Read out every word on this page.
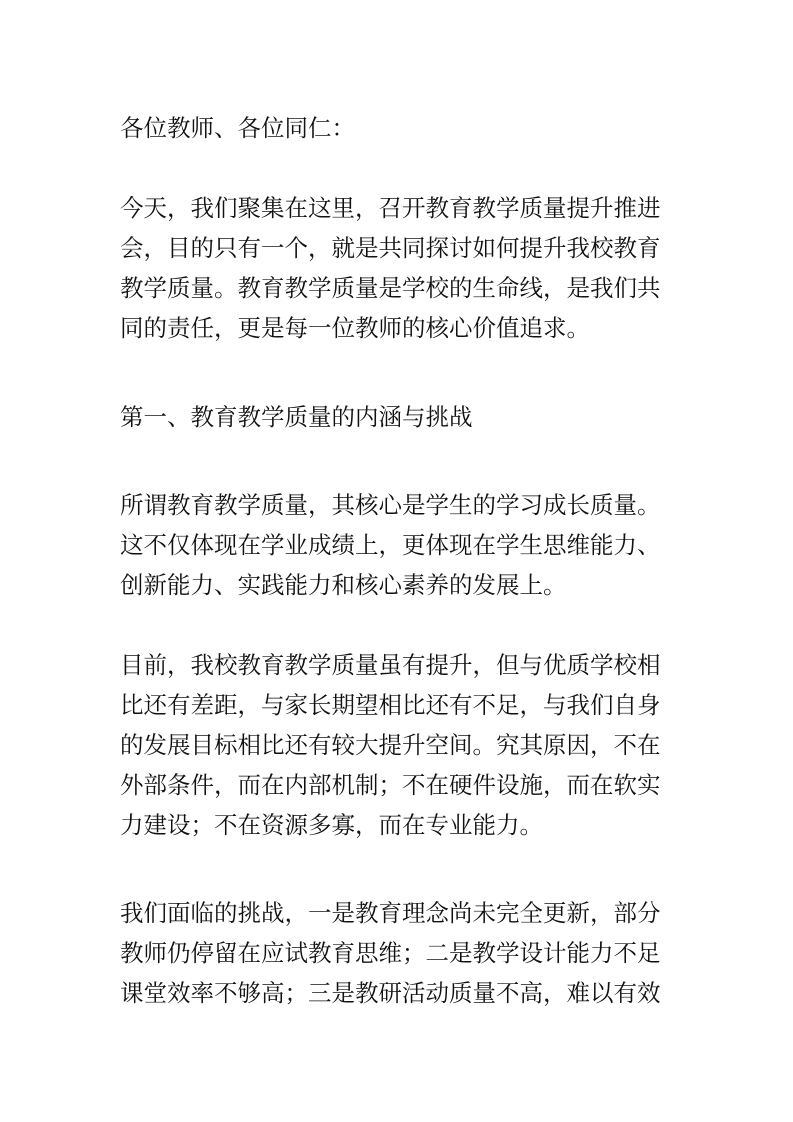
各位教师、各位同仁：
今天，我们聚集在这里，召开教育教学质量提升推进
会，目的只有一个，就是共同探讨如何提升我校教育
教学质量。教育教学质量是学校的生命线，是我们共
同的责任，更是每一位教师的核心价值追求。
第一、教育教学质量的内涵与挑战
所谓教育教学质量，其核心是学生的学习成长质量。
这不仅体现在学业成绩上，更体现在学生思维能力、
创新能力、实践能力和核心素养的发展上。
目前，我校教育教学质量虽有提升，但与优质学校相
比还有差距，与家长期望相比还有不足，与我们自身
的发展目标相比还有较大提升空间。究其原因，不在
外部条件，而在内部机制；不在硬件设施，而在软实
力建设；不在资源多寡，而在专业能力。
我们面临的挑战，一是教育理念尚未完全更新，部分
教师仍停留在应试教育思维；二是教学设计能力不足
课堂效率不够高；三是教研活动质量不高，难以有效
